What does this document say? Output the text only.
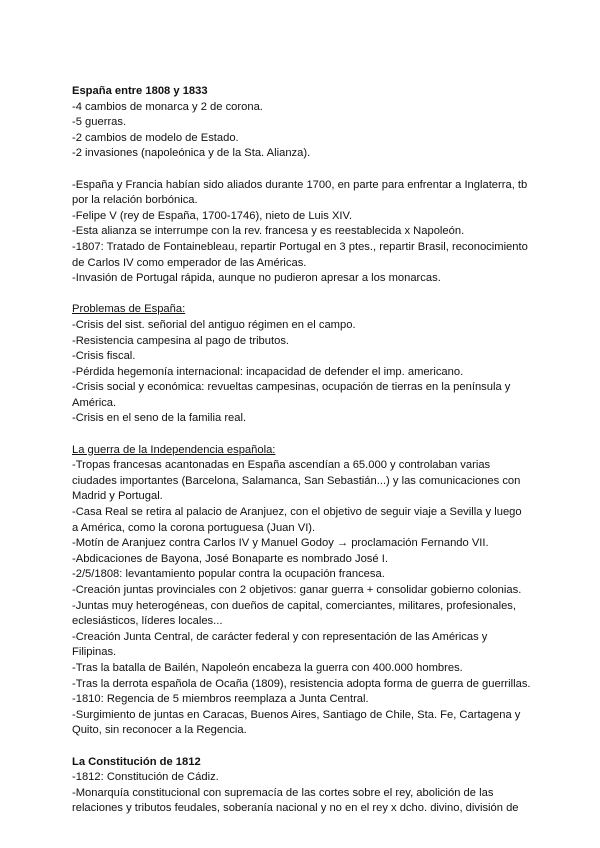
España entre 1808 y 1833
-4 cambios de monarca y 2 de corona.
-5 guerras.
-2 cambios de modelo de Estado.
-2 invasiones (napoleónica y de la Sta. Alianza).
-España y Francia habían sido aliados durante 1700, en parte para enfrentar a Inglaterra, tb por la relación borbónica.
-Felipe V (rey de España, 1700-1746), nieto de Luis XIV.
-Esta alianza se interrumpe con la rev. francesa y es reestablecida x Napoleón.
-1807: Tratado de Fontainebleau, repartir Portugal en 3 ptes., repartir Brasil, reconocimiento de Carlos IV como emperador de las Américas.
-Invasión de Portugal rápida, aunque no pudieron apresar a los monarcas.
Problemas de España:
-Crisis del sist. señorial del antiguo régimen en el campo.
-Resistencia campesina al pago de tributos.
-Crisis fiscal.
-Pérdida hegemonía internacional: incapacidad de defender el imp. americano.
-Crisis social y económica: revueltas campesinas, ocupación de tierras en la península y América.
-Crisis en el seno de la familia real.
La guerra de la Independencia española:
-Tropas francesas acantonadas en España ascendían a 65.000 y controlaban varias ciudades importantes (Barcelona, Salamanca, San Sebastián...) y las comunicaciones con Madrid y Portugal.
-Casa Real se retira al palacio de Aranjuez, con el objetivo de seguir viaje a Sevilla y luego a América, como la corona portuguesa (Juan VI).
-Motín de Aranjuez contra Carlos IV y Manuel Godoy → proclamación Fernando VII.
-Abdicaciones de Bayona, José Bonaparte es nombrado José I.
-2/5/1808: levantamiento popular contra la ocupación francesa.
-Creación juntas provinciales con 2 objetivos: ganar guerra + consolidar gobierno colonias.
-Juntas muy heterogéneas, con dueños de capital, comerciantes, militares, profesionales, eclesiásticos, líderes locales...
-Creación Junta Central, de carácter federal y con representación de las Américas y Filipinas.
-Tras la batalla de Bailén, Napoleón encabeza la guerra con 400.000 hombres.
-Tras la derrota española de Ocaña (1809), resistencia adopta forma de guerra de guerrillas.
-1810: Regencia de 5 miembros reemplaza a Junta Central.
-Surgimiento de juntas en Caracas, Buenos Aires, Santiago de Chile, Sta. Fe, Cartagena y Quito, sin reconocer a la Regencia.
La Constitución de 1812
-1812: Constitución de Cádiz.
-Monarquía constitucional con supremacía de las cortes sobre el rey, abolición de las relaciones y tributos feudales, soberanía nacional y no en el rey x dcho. divino, división de
